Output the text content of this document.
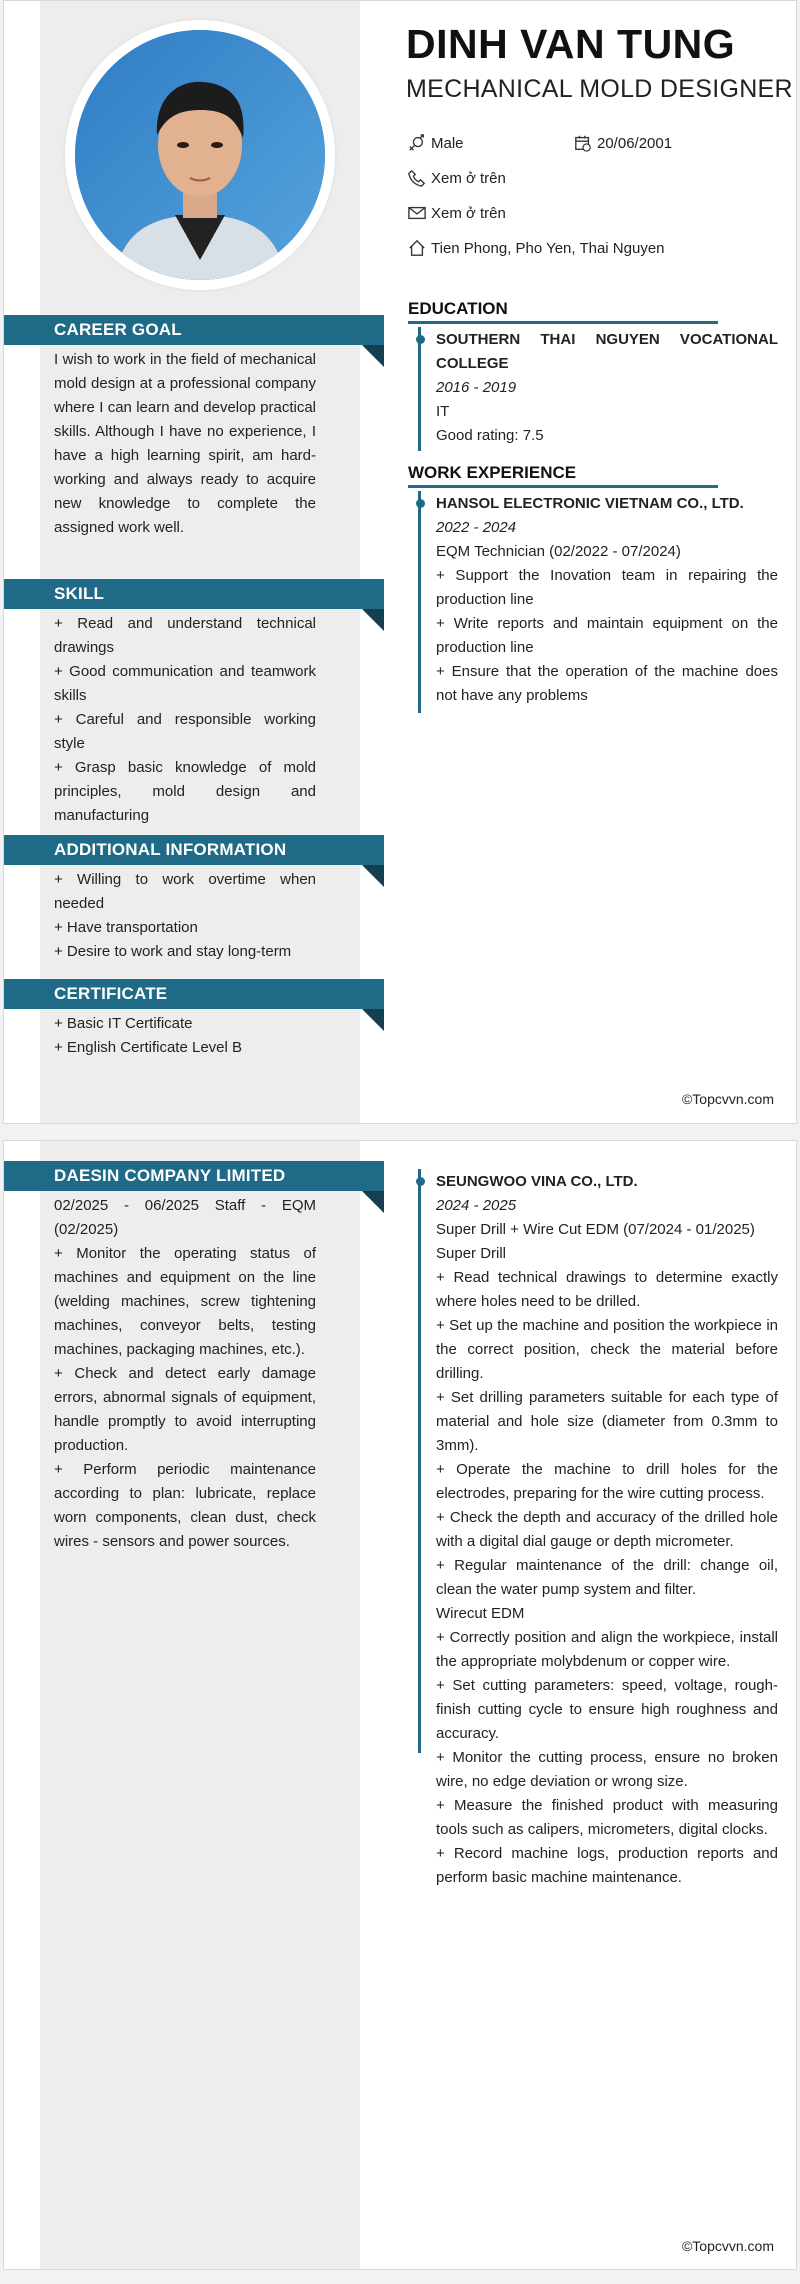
DINH VAN TUNG
MECHANICAL MOLD DESIGNER
Male	20/06/2001
Xem ở trên
Xem ở trên
Tien Phong, Pho Yen, Thai Nguyen
CAREER GOAL
I wish to work in the field of mechanical mold design at a professional company where I can learn and develop practical skills. Although I have no experience, I have a high learning spirit, am hard-working and always ready to acquire new knowledge to complete the assigned work well.
SKILL

+ Read and understand technical drawings

+ Good communication and teamwork skills

+ Careful and responsible working style

+ Grasp basic knowledge of mold principles, mold design and manufacturing

ADDITIONAL INFORMATION

+ Willing to work overtime when needed

+ Have transportation

+ Desire to work and stay long-term

CERTIFICATE

+ Basic IT Certificate

+ English Certificate Level B

EDUCATION

SOUTHERN THAI NGUYEN VOCATIONAL COLLEGE

2016 - 2019

IT

Good rating: 7.5

WORK EXPERIENCE

HANSOL ELECTRONIC VIETNAM CO., LTD.

2022 - 2024

EQM Technician (02/2022 - 07/2024)

+ Support the Inovation team in repairing the production line

+ Write reports and maintain equipment on the production line

+ Ensure that the operation of the machine does not have any problems

©Topcvvn.com
DAESIN COMPANY LIMITED

02/2025 - 06/2025 Staff - EQM (02/2025)

+ Monitor the operating status of machines and equipment on the line (welding machines, screw tightening machines, conveyor belts, testing machines, packaging machines, etc.).

+ Check and detect early damage errors, abnormal signals of equipment, handle promptly to avoid interrupting production.

+ Perform periodic maintenance according to plan: lubricate, replace worn components, clean dust, check wires - sensors and power sources.

SEUNGWOO VINA CO., LTD.

2024 - 2025

Super Drill + Wire Cut EDM (07/2024 - 01/2025)

Super Drill

+ Read technical drawings to determine exactly where holes need to be drilled.

+ Set up the machine and position the workpiece in the correct position, check the material before drilling.

+ Set drilling parameters suitable for each type of material and hole size (diameter from 0.3mm to 3mm).

+ Operate the machine to drill holes for the electrodes, preparing for the wire cutting process.

+ Check the depth and accuracy of the drilled hole with a digital dial gauge or depth micrometer.

+ Regular maintenance of the drill: change oil, clean the water pump system and filter.

Wirecut EDM

+ Correctly position and align the workpiece, install the appropriate molybdenum or copper wire.

+ Set cutting parameters: speed, voltage, rough-finish cutting cycle to ensure high roughness and accuracy.

+ Monitor the cutting process, ensure no broken wire, no edge deviation or wrong size.

+ Measure the finished product with measuring tools such as calipers, micrometers, digital clocks.

+ Record machine logs, production reports and perform basic machine maintenance.

©Topcvvn.com
